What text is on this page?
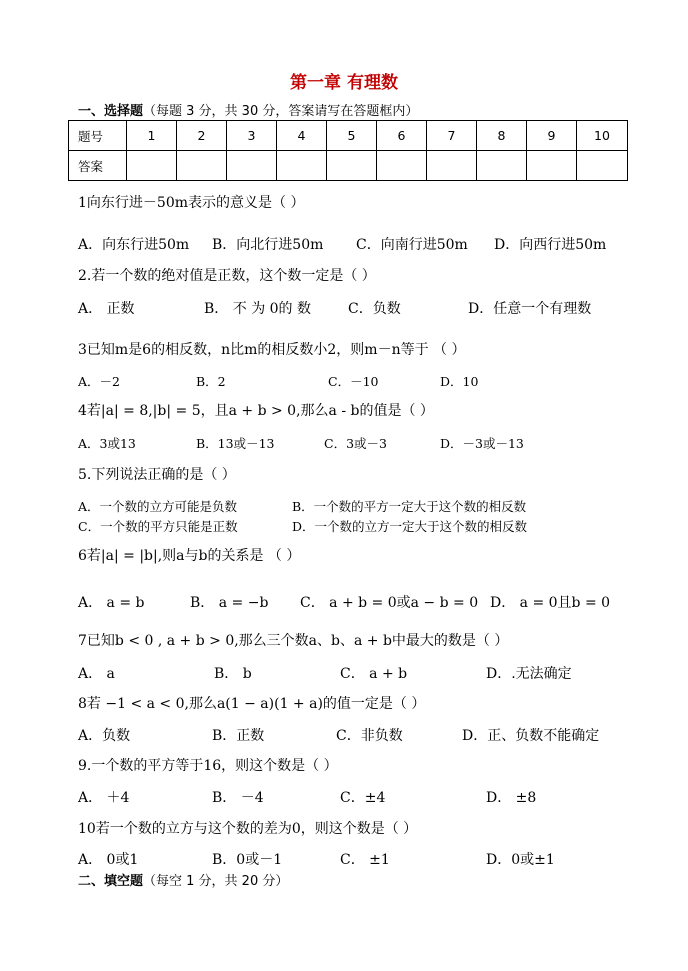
第一章 有理数
一、选择题（每题 3 分，共 30 分，答案请写在答题框内）
题号	1	2	3	4	5	6	7	8	9	10
答案										
1向东行进－50m表示的意义是（ ）
A．向东行进50m B．向北行进50m C．向南行进50m D．向西行进50m
2.若一个数的绝对值是正数，这个数一定是（ ）
A． 正数	B． 不 为 0的 数	C．负数	D．任意一个有理数
3已知m是6的相反数，n比m的相反数小2，则m－n等于 （ ）
A．－2	B．2	C．－10	D．10
4若|a| = 8,|b| = 5，且a + b > 0,那么a - b的值是（ ）
A．3或13	B．13或－13	C．3或－3	D．－3或－13
5.下列说法正确的是（ ）
A．一个数的立方可能是负数	B．一个数的平方一定大于这个数的相反数
C．一个数的平方只能是正数	D．一个数的立方一定大于这个数的相反数
6若|a| = |b|,则a与b的关系是 （ ）
A． a = b	B． a = −b C． a + b = 0或a − b = 0 D． a = 0且b = 0
7已知b < 0 , a + b > 0,那么三个数a、b、a + b中最大的数是（ ）
A． a	B． b	C． a + b	D．.无法确定
8若 −1 < a < 0,那么a(1 − a)(1 + a)的值一定是（ ）
A．负数	B．正数	C．非负数	D．正、负数不能确定
9.一个数的平方等于16，则这个数是（ ）
A． ＋4	B． －4	C．±4	D． ±8
10若一个数的立方与这个数的差为0，则这个数是（ ）
A． 0或1	B．0或－1	C． ±1	D．0或±1
二、填空题（每空 1 分，共 20 分）
